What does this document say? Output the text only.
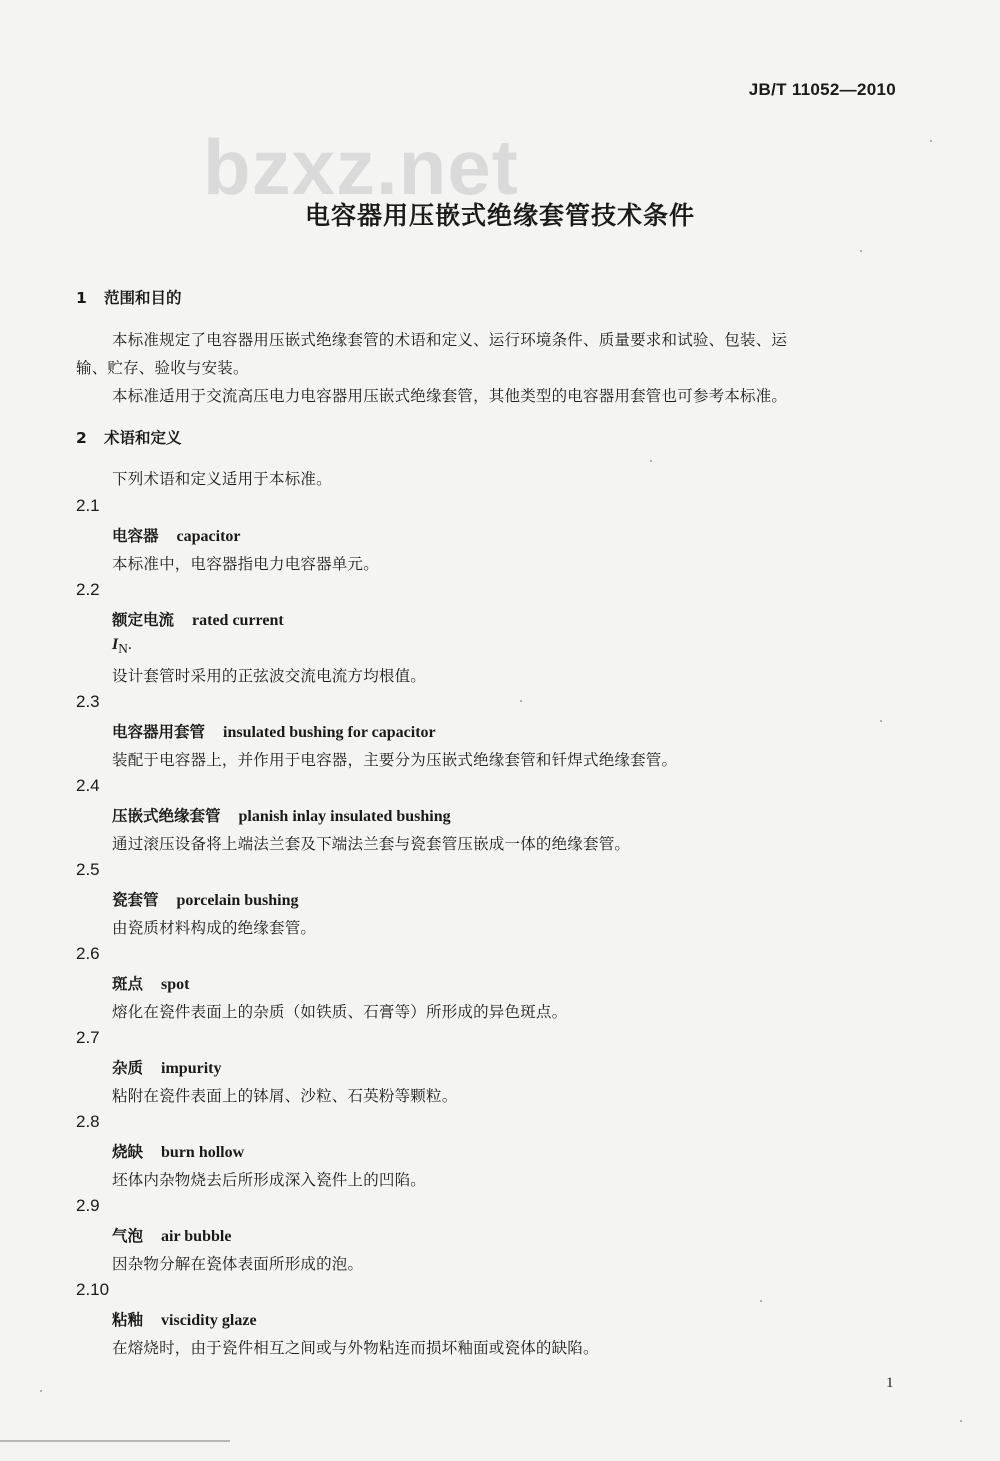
JB/T 11052—2010
bzxz.net
电容器用压嵌式绝缘套管技术条件
1 范围和目的
本标准规定了电容器用压嵌式绝缘套管的术语和定义、运行环境条件、质量要求和试验、包装、运
输、贮存、验收与安装。
本标准适用于交流高压电力电容器用压嵌式绝缘套管，其他类型的电容器用套管也可参考本标准。
2 术语和定义
下列术语和定义适用于本标准。
2.1
电容器 capacitor
本标准中，电容器指电力电容器单元。
2.2
额定电流 rated current
$I_N$.
设计套管时采用的正弦波交流电流方均根值。
2.3
电容器用套管 insulated bushing for capacitor
装配于电容器上，并作用于电容器，主要分为压嵌式绝缘套管和钎焊式绝缘套管。
2.4
压嵌式绝缘套管 planish inlay insulated bushing
通过滚压设备将上端法兰套及下端法兰套与瓷套管压嵌成一体的绝缘套管。
2.5
瓷套管 porcelain bushing
由瓷质材料构成的绝缘套管。
2.6
斑点 spot
熔化在瓷件表面上的杂质（如铁质、石膏等）所形成的异色斑点。
2.7
杂质 impurity
粘附在瓷件表面上的钵屑、沙粒、石英粉等颗粒。
2.8
烧缺 burn hollow
坯体内杂物烧去后所形成深入瓷件上的凹陷。
2.9
气泡 air bubble
因杂物分解在瓷体表面所形成的泡。
2.10
粘釉 viscidity glaze
在熔烧时，由于瓷件相互之间或与外物粘连而损坏釉面或瓷体的缺陷。
1
